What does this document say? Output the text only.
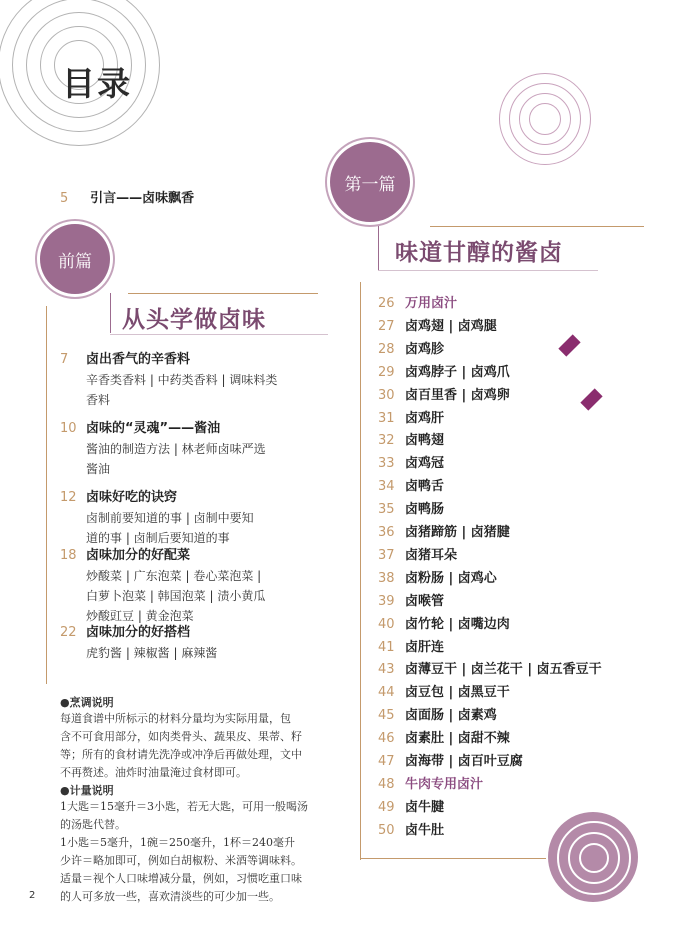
目录
5 引言——卤味飘香
前篇
从头学做卤味
7 卤出香气的辛香料
辛香类香料 | 中药类香料 | 调味料类
香料
10 卤味的“灵魂”——酱油
酱油的制造方法 | 林老师卤味严选
酱油
12 卤味好吃的诀窍
卤制前要知道的事 | 卤制中要知
道的事 | 卤制后要知道的事
18 卤味加分的好配菜
炒酸菜 | 广东泡菜 | 卷心菜泡菜 |
白萝卜泡菜 | 韩国泡菜 | 渍小黄瓜
炒酸豇豆 | 黄金泡菜
22 卤味加分的好搭档
虎豹酱 | 辣椒酱 | 麻辣酱
●烹调说明
每道食谱中所标示的材料分量均为实际用量，包
含不可食用部分，如肉类骨头、蔬果皮、果蒂、籽
等；所有的食材请先洗净或冲净后再做处理，文中
不再赘述。油炸时油量淹过食材即可。
●计量说明
1大匙＝15毫升＝3小匙，若无大匙，可用一般喝汤
的汤匙代替。
1小匙＝5毫升，1碗＝250毫升，1杯＝240毫升
少许＝略加即可，例如白胡椒粉、米酒等调味料。
适量＝视个人口味增减分量，例如，习惯吃重口味
的人可多放一些，喜欢清淡些的可少加一些。
第一篇
味道甘醇的酱卤
26 万用卤汁
27 卤鸡翅 | 卤鸡腿
28 卤鸡胗
29 卤鸡脖子 | 卤鸡爪
30 卤百里香 | 卤鸡卵
31 卤鸡肝
32 卤鸭翅
33 卤鸡冠
34 卤鸭舌
35 卤鸭肠
36 卤猪蹄筋 | 卤猪腱
37 卤猪耳朵
38 卤粉肠 | 卤鸡心
39 卤喉管
40 卤竹轮 | 卤嘴边肉
41 卤肝连
43 卤薄豆干 | 卤兰花干 | 卤五香豆干
44 卤豆包 | 卤黑豆干
45 卤面肠 | 卤素鸡
46 卤素肚 | 卤甜不辣
47 卤海带 | 卤百叶豆腐
48 牛肉专用卤汁
49 卤牛腱
50 卤牛肚
2
